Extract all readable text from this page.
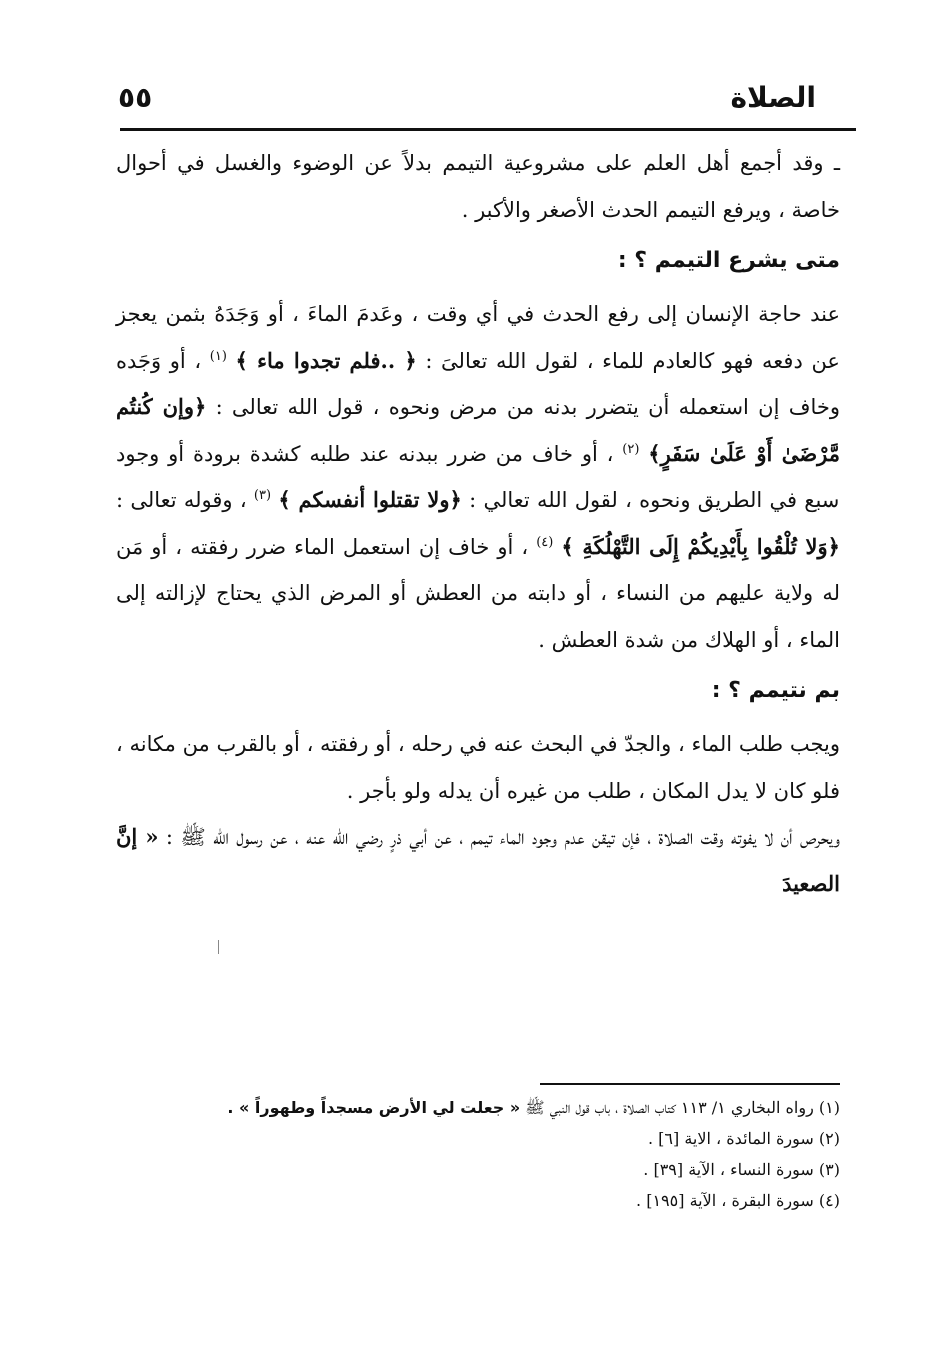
الصلاة
٥٥

ـ وقد أجمع أهل العلم على مشروعية التيمم بدلاً عن الوضوء والغسل في أحوال خاصة ، ويرفع التيمم الحدث الأصغر والأكبر .

متى يشرع التيمم ؟ :

عند حاجة الإنسان إلى رفع الحدث في أي وقت ، وعَدمَ الماءَ ، أو وَجَدَهُ بثمن يعجز عن دفعه فهو كالعادم للماء ، لقول الله تعالىَ : ﴿ ..فلم تجدوا ماء ﴾ $^{(١)}$ ، أو وَجَده وخاف إن استعمله أن يتضرر بدنه من مرض ونحوه ، قول الله تعالى : ﴿وإن كُنتُم مَّرْضَىٰ أَوْ عَلَىٰ سَفَرٍ﴾ $^{(٢)}$ ، أو خاف من ضرر ببدنه عند طلبه كشدة برودة أو وجود سبع في الطريق ونحوه ، لقول الله تعالي : ﴿ولا تقتلوا أنفسكم ﴾ $^{(٣)}$ ، وقوله تعالى : ﴿وَلا تُلْقُوا بِأَيْدِيكُمْ إِلَى التَّهْلُكَةِ ﴾ $^{(٤)}$ ، أو خاف إن استعمل الماء ضرر رفقته ، أو مَن له ولاية عليهم من النساء ، أو دابته من العطش أو المرض الذي يحتاج لإزالته إلى الماء ، أو الهلاك من شدة العطش .

بم نتيمم ؟ :

ويجب طلب الماء ، والجدّ في البحث عنه في رحله ، أو رفقته ، أو بالقرب من مكانه ، فلو كان لا يدل المكان ، طلب من غيره أن يدله ولو بأجر .

ويحرص أن لا يفوته وقت الصلاة ، فإن تيقن عدم وجود الماء تيمم ، عن أبي ذرٍ رضي الله عنه ، عن رسول الله ﷺ : « إنَّ الصعيدَ

(١) رواه البخاري ١/ ١١٣ كتاب الصلاة ، باب قول النبي ﷺ « جعلت لي الأرض مسجداً وطهوراً » .

(٢) سورة المائدة ، الاية [٦] .

(٣) سورة النساء ، الآية [٣٩] .

(٤) سورة البقرة ، الآية [١٩٥] .
